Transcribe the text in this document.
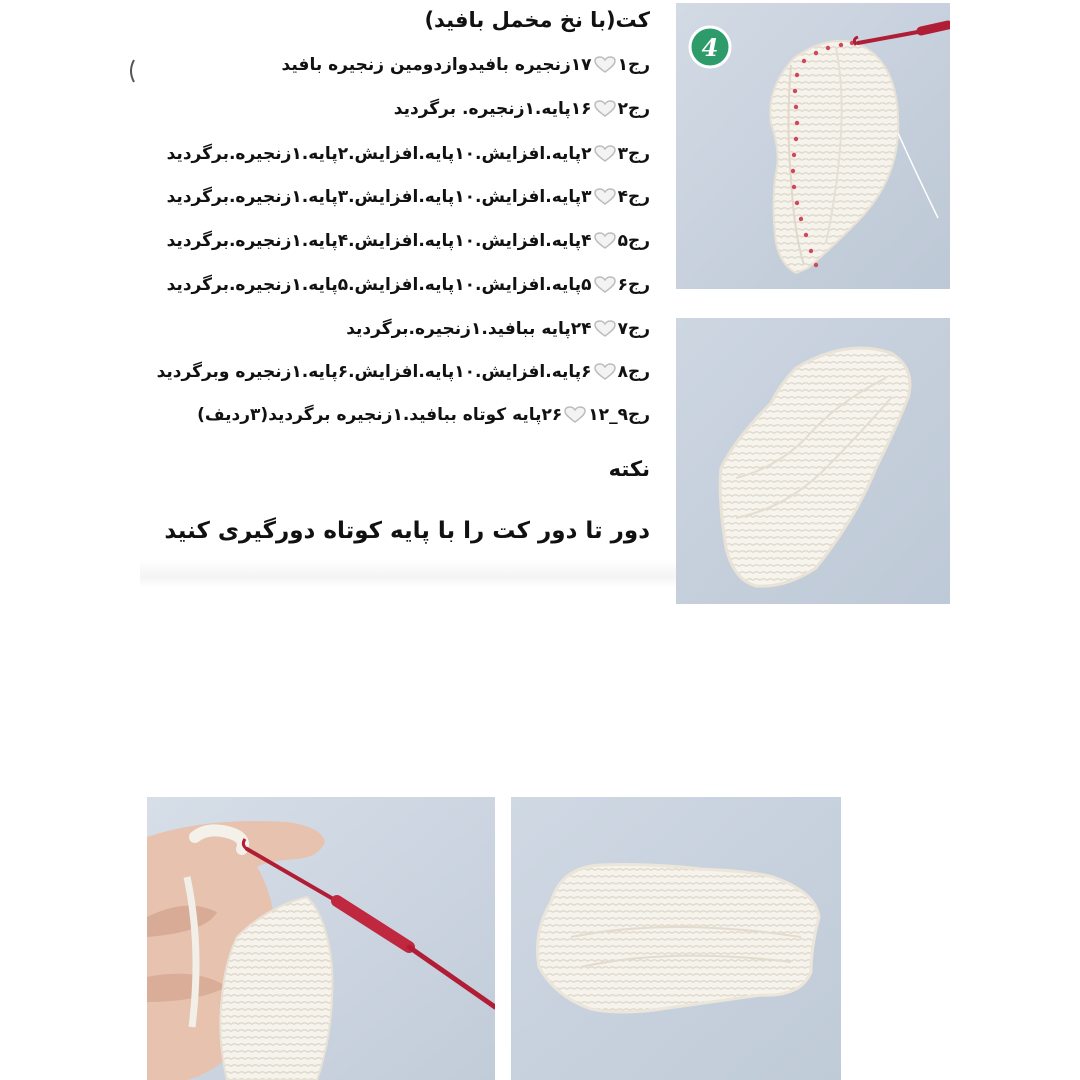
کت(با نخ مخمل بافید)
رج۱۱۷زنجیره بافیدوازدومین زنجیره بافید
رج۲۱۶پایه.۱زنجیره. برگردید
رج۳۲پایه.افزایش.۱۰پایه.افزایش.۲پایه.۱زنجیره.برگردید
رج۴۳پایه.افزایش.۱۰پایه.افزایش.۳پایه.۱زنجیره.برگردید
رج۵۴پایه.افزایش.۱۰پایه.افزایش.۴پایه.۱زنجیره.برگردید
رج۶۵پایه.افزایش.۱۰پایه.افزایش.۵پایه.۱زنجیره.برگردید
رج۷۲۴پایه ببافید.۱زنجیره.برگردید
رج۸۶پایه.افزایش.۱۰پایه.افزایش.۶پایه.۱زنجیره وبرگردید
رج۹_۱۲۲۶پایه کوتاه ببافید.۱زنجیره برگردید(۳ردیف)
نکته
دور تا دور کت را با پایه کوتاه دورگیری کنید
4
